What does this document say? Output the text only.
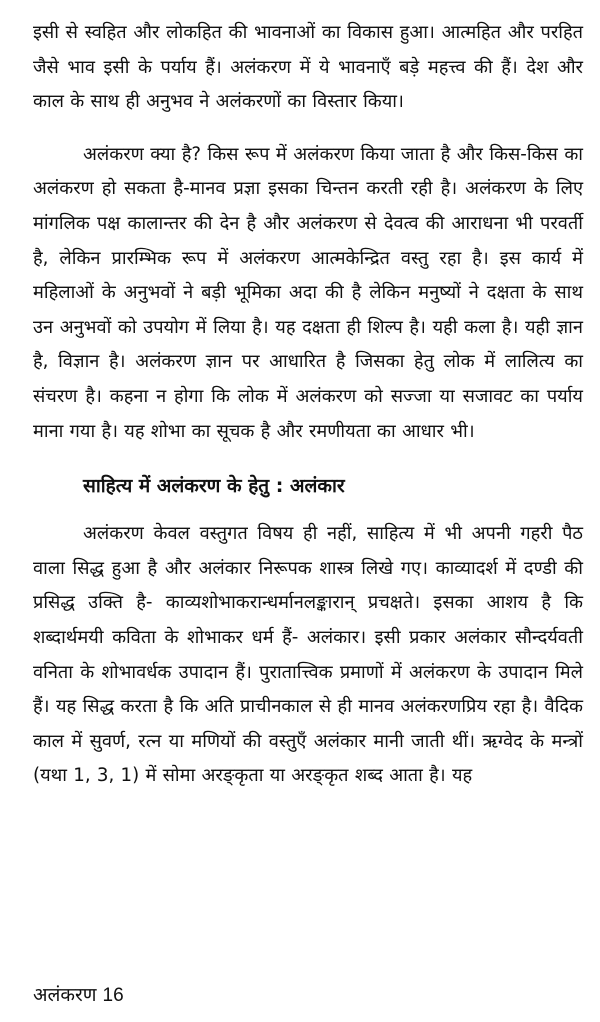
इसी से स्वहित और लोकहित की भावनाओं का विकास हुआ। आत्महित और परहित जैसे भाव इसी के पर्याय हैं। अलंकरण में ये भावनाएँ बड़े महत्त्व की हैं। देश और काल के साथ ही अनुभव ने अलंकरणों का विस्तार किया।

अलंकरण क्या है? किस रूप में अलंकरण किया जाता है और किस-किस का अलंकरण हो सकता है-मानव प्रज्ञा इसका चिन्तन करती रही है। अलंकरण के लिए मांगलिक पक्ष कालान्तर की देन है और अलंकरण से देवत्व की आराधना भी परवर्ती है, लेकिन प्रारम्भिक रूप में अलंकरण आत्मकेन्द्रित वस्तु रहा है। इस कार्य में महिलाओं के अनुभवों ने बड़ी भूमिका अदा की है लेकिन मनुष्यों ने दक्षता के साथ उन अनुभवों को उपयोग में लिया है। यह दक्षता ही शिल्प है। यही कला है। यही ज्ञान है, विज्ञान है। अलंकरण ज्ञान पर आधारित है जिसका हेतु लोक में लालित्य का संचरण है। कहना न होगा कि लोक में अलंकरण को सज्जा या सजावट का पर्याय माना गया है। यह शोभा का सूचक है और रमणीयता का आधार भी।

साहित्य में अलंकरण के हेतु : अलंकार

अलंकरण केवल वस्तुगत विषय ही नहीं, साहित्य में भी अपनी गहरी पैठ वाला सिद्ध हुआ है और अलंकार निरूपक शास्त्र लिखे गए। काव्यादर्श में दण्डी की प्रसिद्ध उक्ति है- काव्यशोभाकरान्धर्मानलङ्कारान् प्रचक्षते। इसका आशय है कि शब्दार्थमयी कविता के शोभाकर धर्म हैं- अलंकार। इसी प्रकार अलंकार सौन्दर्यवती वनिता के शोभावर्धक उपादान हैं। पुरातात्त्विक प्रमाणों में अलंकरण के उपादान मिले हैं। यह सिद्ध करता है कि अति प्राचीनकाल से ही मानव अलंकरणप्रिय रहा है। वैदिक काल में सुवर्ण, रत्न या मणियों की वस्तुएँ अलंकार मानी जाती थीं। ऋग्वेद के मन्त्रों (यथा 1, 3, 1) में सोमा अरङ्कृता या अरङ्कृत शब्द आता है। यह

अलंकरण 16
